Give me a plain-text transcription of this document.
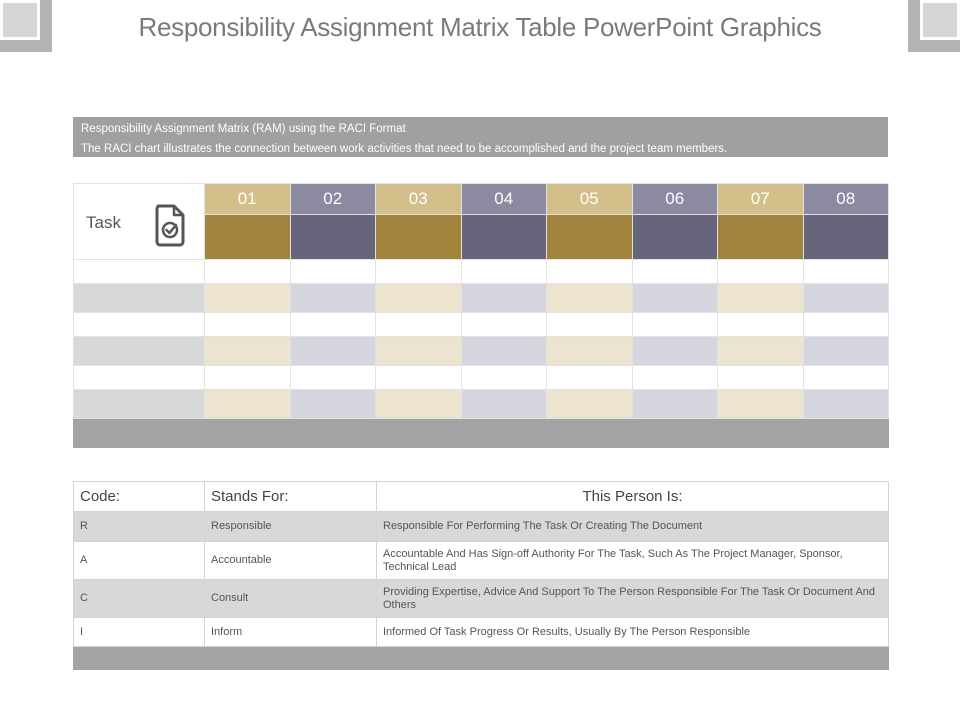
Responsibility Assignment Matrix Table PowerPoint Graphics
Responsibility Assignment Matrix (RAM) using the RACI Format
The RACI chart illustrates the connection between work activities that need to be accomplished and the project team members.
Task	01	02	03	04	05	06	07	08

Code:	Stands For:	This Person Is:
R	Responsible	Responsible For Performing The Task Or Creating The Document
A	Accountable	Accountable And Has Sign-off Authority For The Task, Such As The Project Manager, Sponsor, Technical Lead
C	Consult	Providing Expertise, Advice And Support To The Person Responsible For The Task Or Document And Others
I	Inform	Informed Of Task Progress Or Results, Usually By The Person Responsible
